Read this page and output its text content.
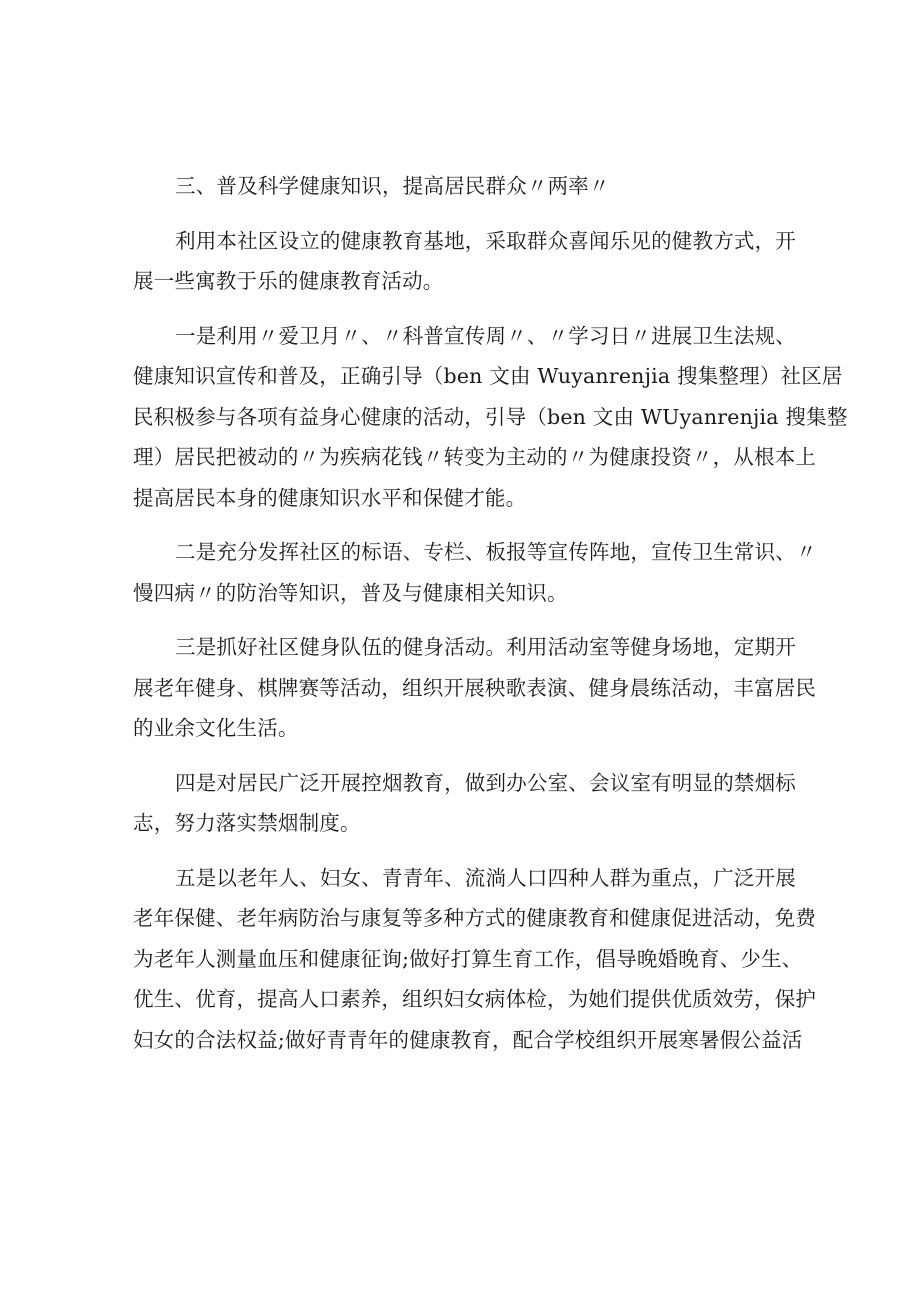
三、普及科学健康知识，提高居民群众〃两率〃
利用本社区设立的健康教育基地，采取群众喜闻乐见的健教方式，开
展一些寓教于乐的健康教育活动。
一是利用〃爱卫月〃、〃科普宣传周〃、〃学习日〃进展卫生法规、
健康知识宣传和普及，正确引导（ben 文由 Wuyanrenjia 搜集整理）社区居
民积极参与各项有益身心健康的活动，引导（ben 文由 WUyanrenjia 搜集整
理）居民把被动的〃为疾病花钱〃转变为主动的〃为健康投资〃，从根本上
提高居民本身的健康知识水平和保健才能。
二是充分发挥社区的标语、专栏、板报等宣传阵地，宣传卫生常识、〃
慢四病〃的防治等知识，普及与健康相关知识。
三是抓好社区健身队伍的健身活动。利用活动室等健身场地，定期开
展老年健身、棋牌赛等活动，组织开展秧歌表演、健身晨练活动，丰富居民
的业余文化生活。
四是对居民广泛开展控烟教育，做到办公室、会议室有明显的禁烟标
志，努力落实禁烟制度。
五是以老年人、妇女、青青年、流淌人口四种人群为重点，广泛开展
老年保健、老年病防治与康复等多种方式的健康教育和健康促进活动，免费
为老年人测量血压和健康征询;做好打算生育工作，倡导晚婚晚育、少生、
优生、优育，提高人口素养，组织妇女病体检，为她们提供优质效劳，保护
妇女的合法权益;做好青青年的健康教育，配合学校组织开展寒暑假公益活
